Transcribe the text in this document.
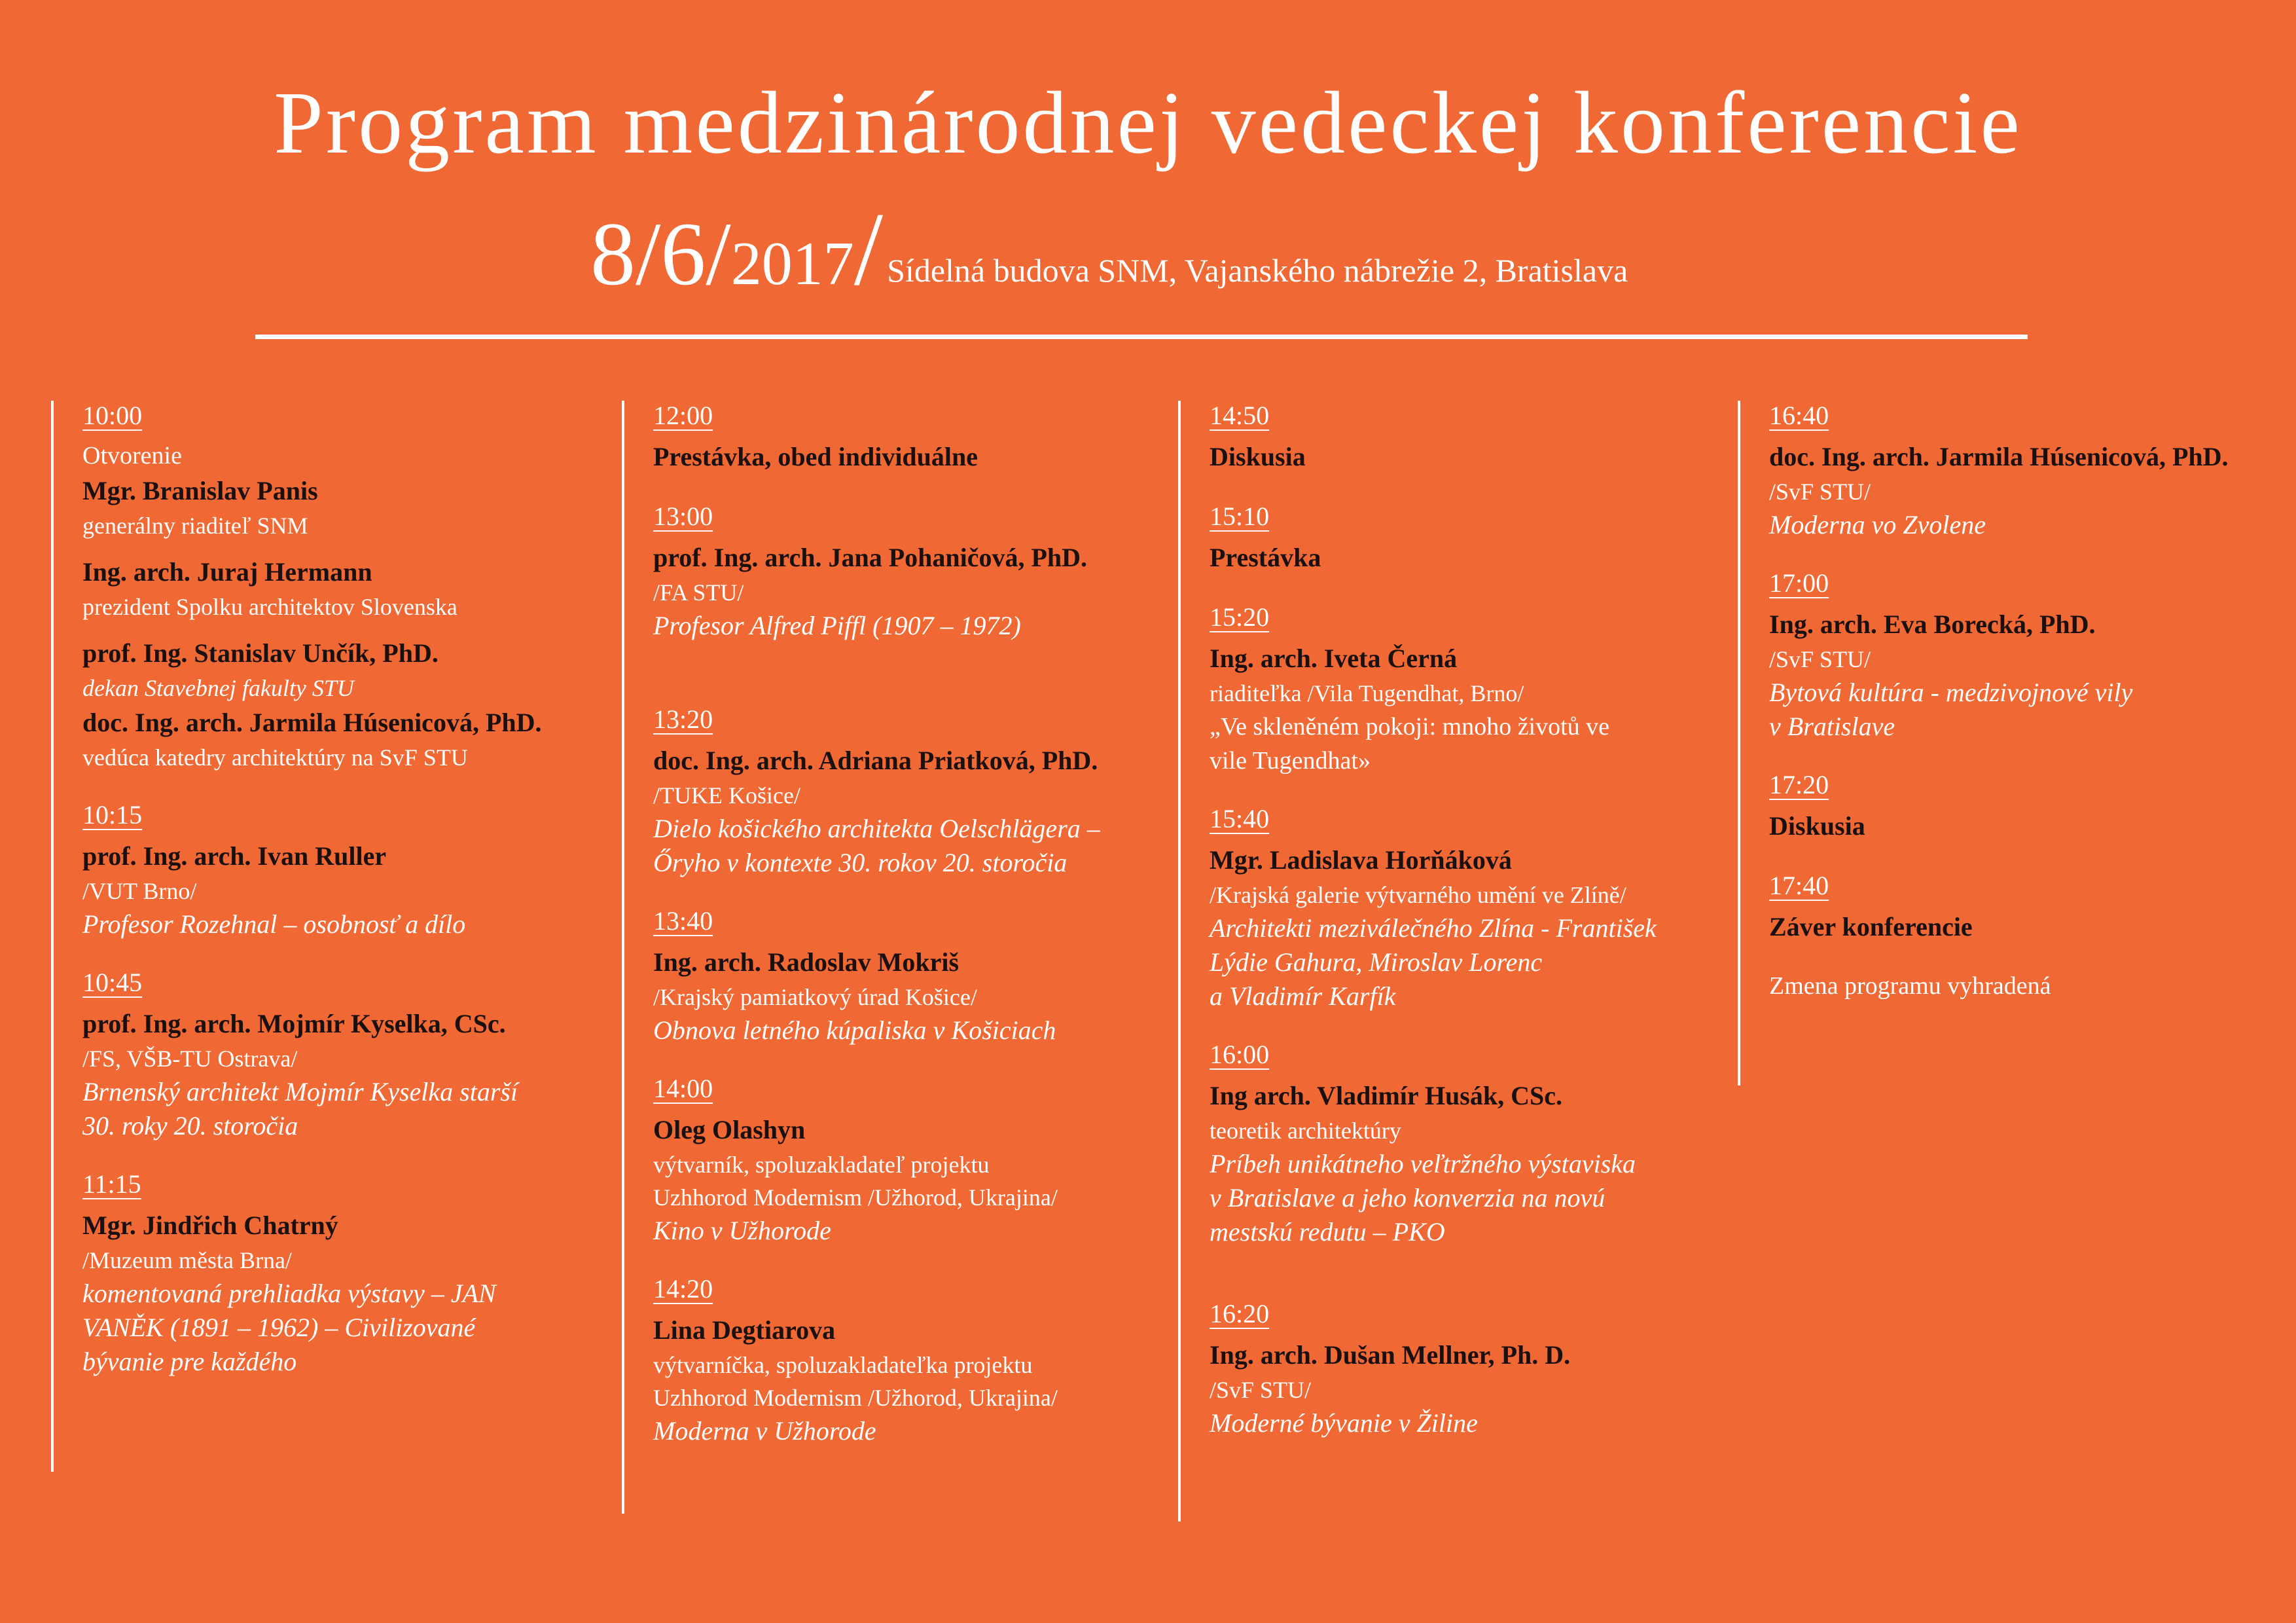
Program medzinárodnej vedeckej konferencie
8/6/2017/ Sídelná budova SNM, Vajanského nábrežie 2, Bratislava
10:00
Otvorenie
Mgr. Branislav Panis
generálny riaditeľ SNM
Ing. arch. Juraj Hermann
prezident Spolku architektov Slovenska
prof. Ing. Stanislav Unčík, PhD.
dekan Stavebnej fakulty STU
doc. Ing. arch. Jarmila Húsenicová, PhD.
vedúca katedry architektúry na SvF STU
10:15
prof. Ing. arch. Ivan Ruller
/VUT Brno/
Profesor Rozehnal – osobnosť a dílo
10:45
prof. Ing. arch. Mojmír Kyselka, CSc.
/FS, VŠB-TU Ostrava/
Brnenský architekt Mojmír Kyselka starší
30. roky 20. storočia
11:15
Mgr. Jindřich Chatrný
/Muzeum města Brna/
komentovaná prehliadka výstavy – JAN
VANĚK (1891 – 1962) – Civilizované
bývanie pre každého
12:00
Prestávka, obed individuálne
13:00
prof. Ing. arch. Jana Pohaničová, PhD.
/FA STU/
Profesor Alfred Piffl (1907 – 1972)
13:20
doc. Ing. arch. Adriana Priatková, PhD.
/TUKE Košice/
Dielo košického architekta Oelschlägera –
Őryho v kontexte 30. rokov 20. storočia
13:40
Ing. arch. Radoslav Mokriš
/Krajský pamiatkový úrad Košice/
Obnova letného kúpaliska v Košiciach
14:00
Oleg Olashyn
výtvarník, spoluzakladateľ projektu
Uzhhorod Modernism /Užhorod, Ukrajina/
Kino v Užhorode
14:20
Lina Degtiarova
výtvarníčka, spoluzakladateľka projektu
Uzhhorod Modernism /Užhorod, Ukrajina/
Moderna v Užhorode
14:50
Diskusia
15:10
Prestávka
15:20
Ing. arch. Iveta Černá
riaditeľka /Vila Tugendhat, Brno/
„Ve skleněném pokoji: mnoho životů ve
vile Tugendhat»
15:40
Mgr. Ladislava Horňáková
/Krajská galerie výtvarného umění ve Zlíně/
Architekti meziválečného Zlína - František
Lýdie Gahura, Miroslav Lorenc
a Vladimír Karfík
16:00
Ing arch. Vladimír Husák, CSc.
teoretik architektúry
Príbeh unikátneho veľtržného výstaviska
v Bratislave a jeho konverzia na novú
mestskú redutu – PKO
16:20
Ing. arch. Dušan Mellner, Ph. D.
/SvF STU/
Moderné bývanie v Žiline
16:40
doc. Ing. arch. Jarmila Húsenicová, PhD.
/SvF STU/
Moderna vo Zvolene
17:00
Ing. arch. Eva Borecká, PhD.
/SvF STU/
Bytová kultúra - medzivojnové vily
v Bratislave
17:20
Diskusia
17:40
Záver konferencie
Zmena programu vyhradená
